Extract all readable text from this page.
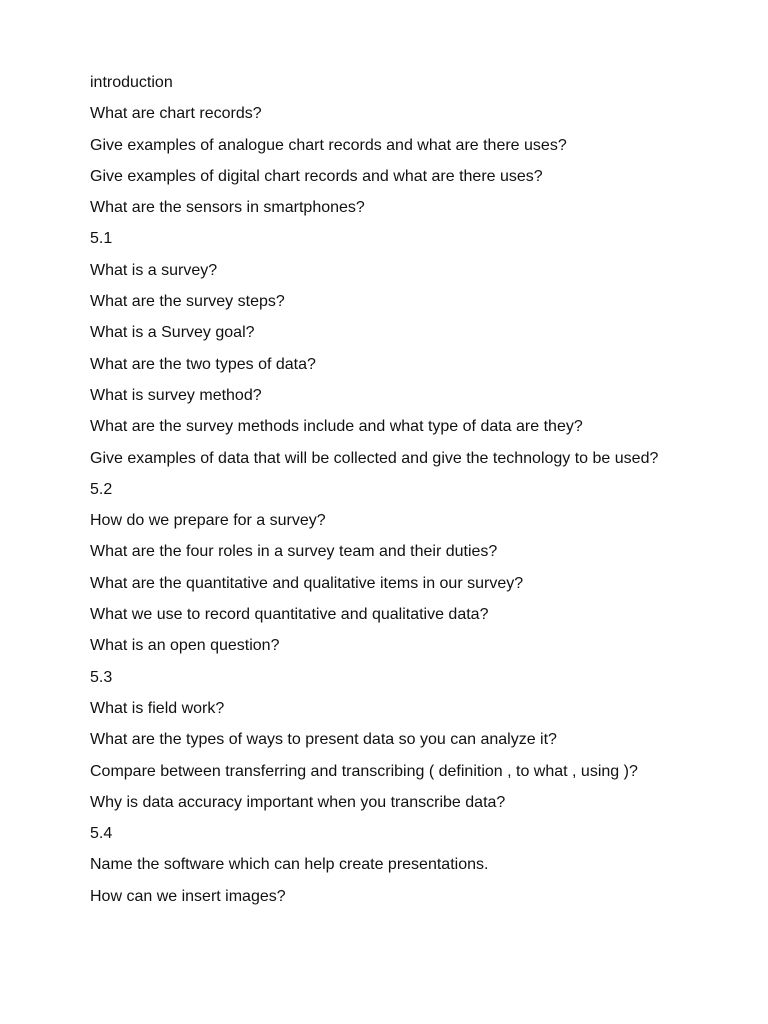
introduction
What are chart records?
Give examples of analogue chart records and what are there uses?
Give examples of digital chart records and what are there uses?
What are the sensors in smartphones?
5.1
What is a survey?
What are the survey steps?
What is a Survey goal?
What are the two types of data?
What is survey method?
What are the survey methods include and what type of data are they?
Give examples of data that will be collected and give the technology to be used?
5.2
How do we prepare for a survey?
What are the four roles in a survey team and their duties?
What are the quantitative and qualitative items in our survey?
What we use to record quantitative and qualitative data?
What is an open question?
5.3
What is field work?
What are the types of ways to present data so you can analyze it?
Compare between transferring and transcribing ( definition , to what , using )?
Why is data accuracy important when you transcribe data?
5.4
Name the software which can help create presentations.
How can we insert images?
